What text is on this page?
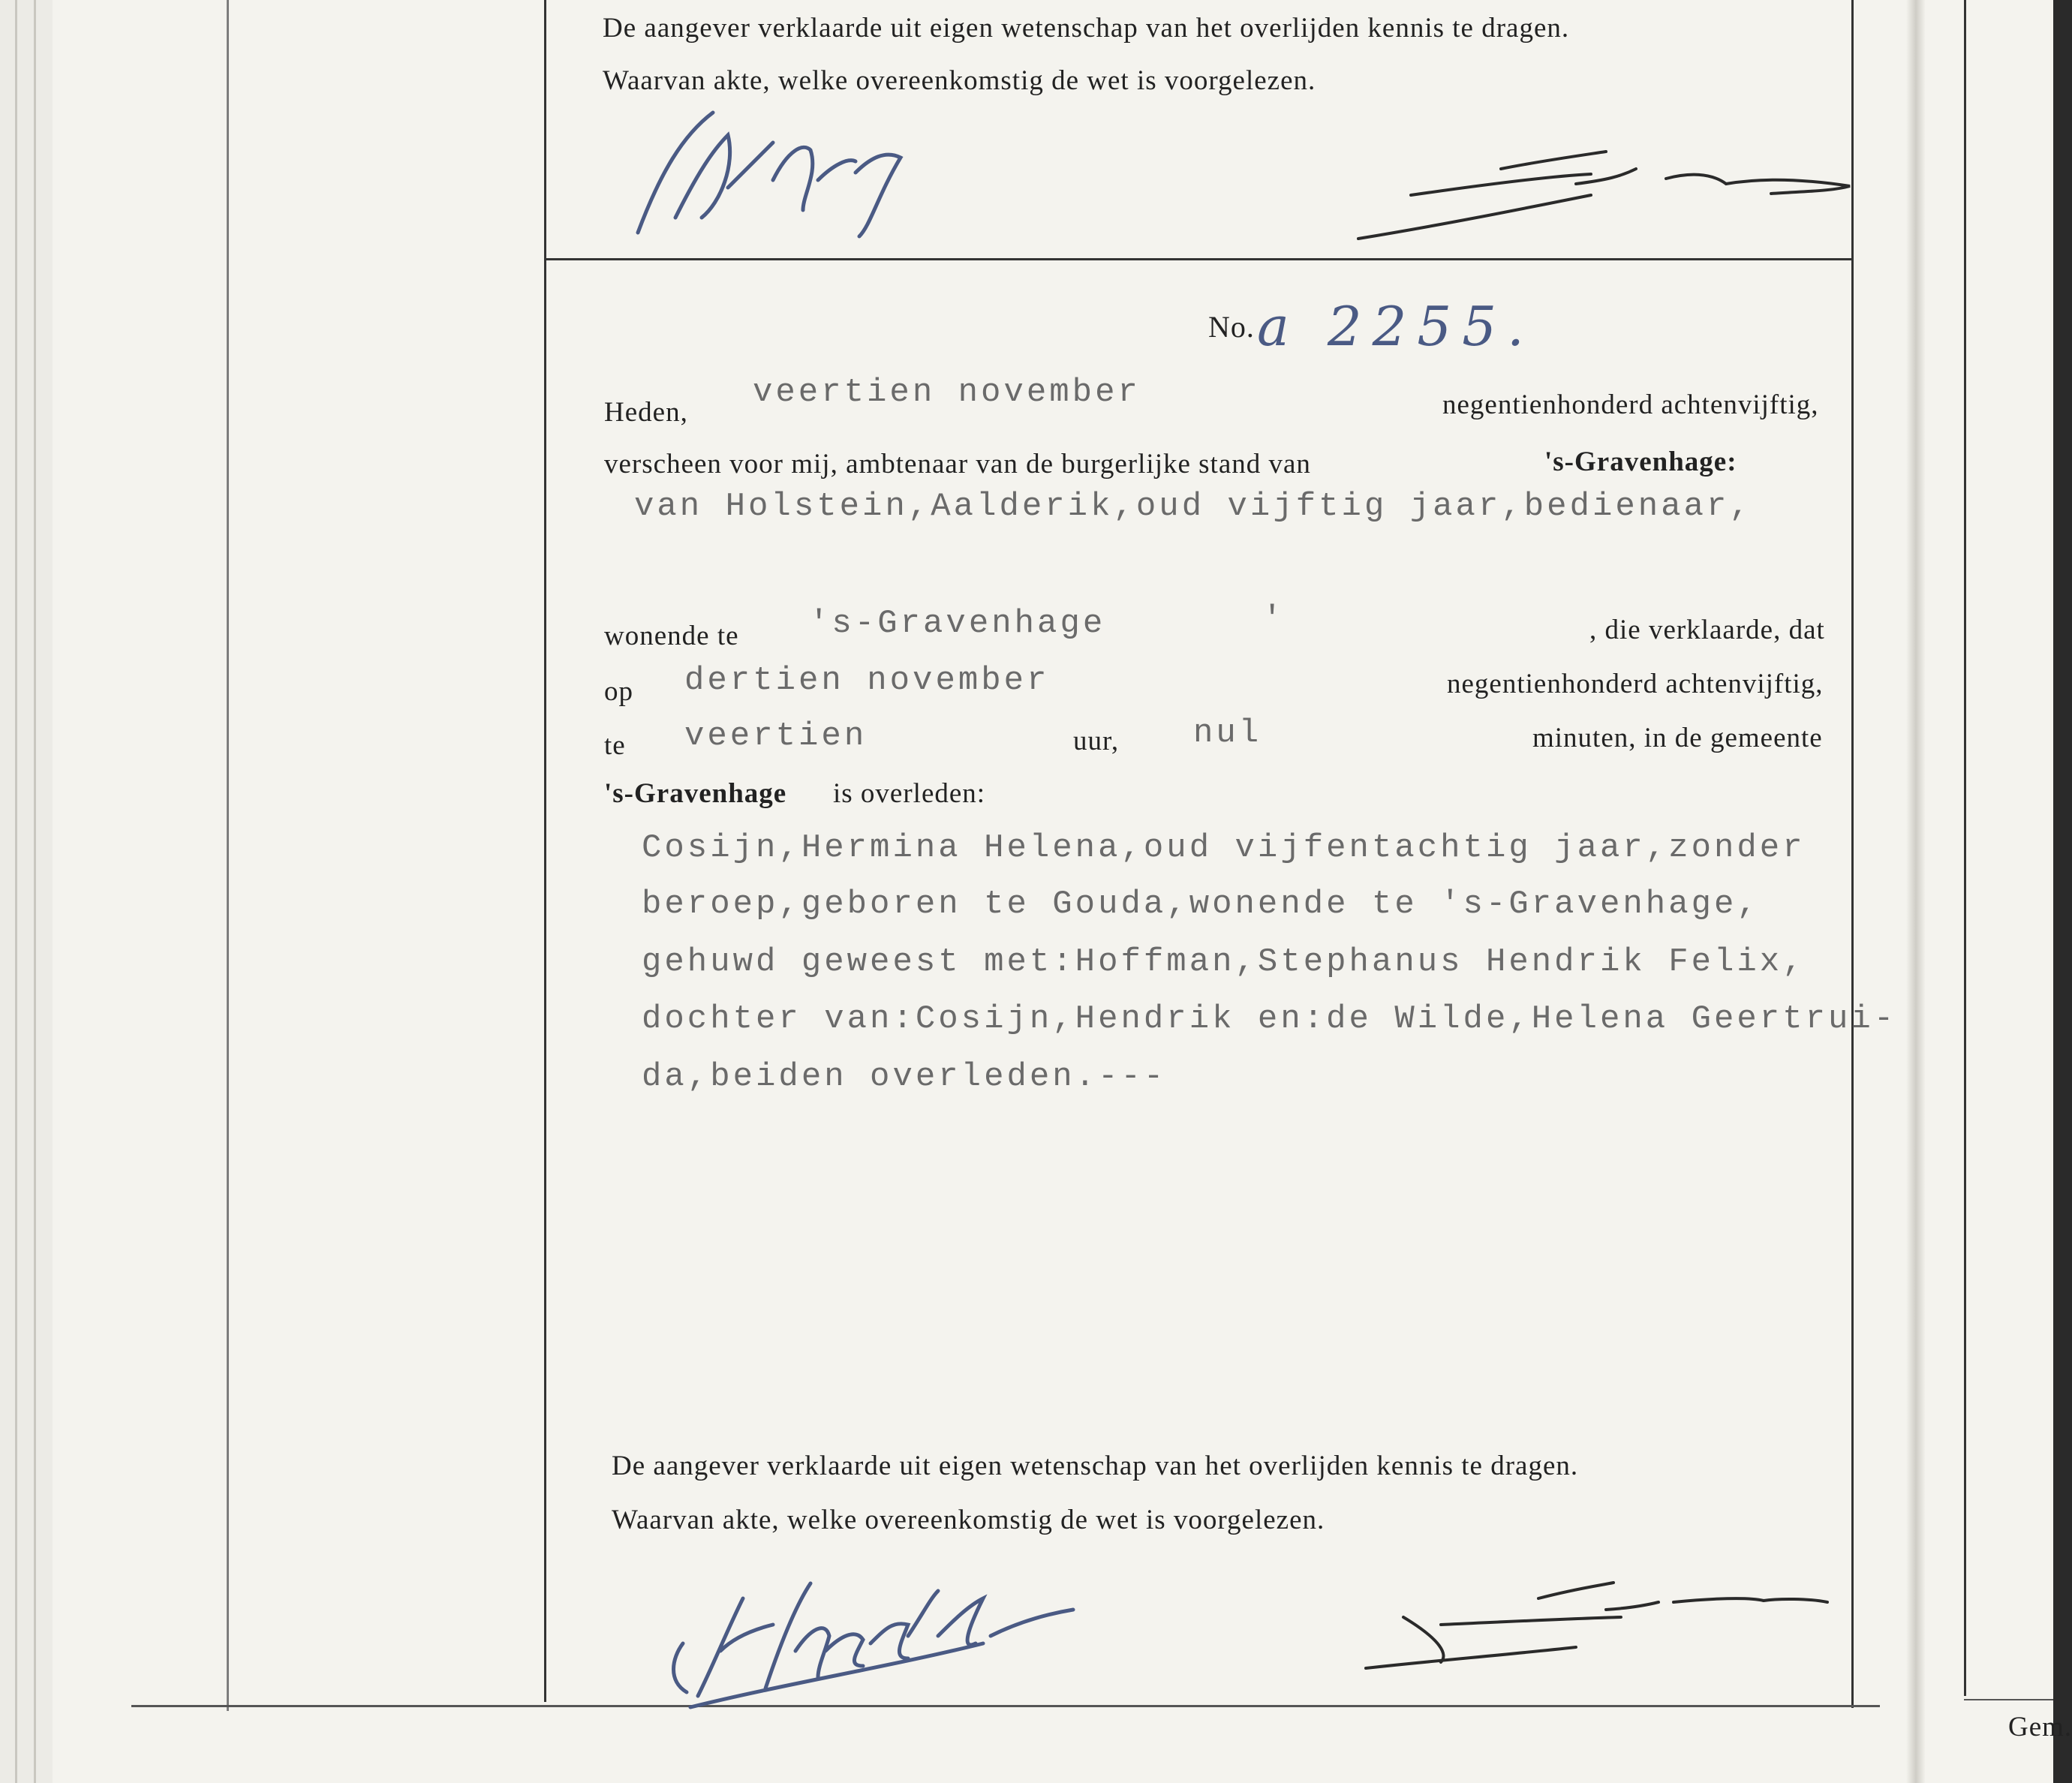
Gem.
De aangever verklaarde uit eigen wetenschap van het overlijden kennis te dragen.
Waarvan akte, welke overeenkomstig de wet is voorgelezen.
No. a 2255.
Heden,
veertien november	negentienhonderd achtenvijftig,
verscheen voor mij, ambtenaar van de burgerlijke stand van	's-Gravenhage:
van Holstein,Aalderik,oud vijftig jaar,bedienaar,
wonende te 's-Gravenhage	'	, die verklaarde, dat
op dertien november	negentienhonderd achtenvijftig,
te veertien	uur, nul	minuten, in de gemeente
's-Gravenhage is overleden:
Cosijn,Hermina Helena,oud vijfentachtig jaar,zonder
beroep,geboren te Gouda,wonende te 's-Gravenhage,
gehuwd geweest met:Hoffman,Stephanus Hendrik Felix,
dochter van:Cosijn,Hendrik en:de Wilde,Helena Geertrui-
da,beiden overleden.---
De aangever verklaarde uit eigen wetenschap van het overlijden kennis te dragen.
Waarvan akte, welke overeenkomstig de wet is voorgelezen.
